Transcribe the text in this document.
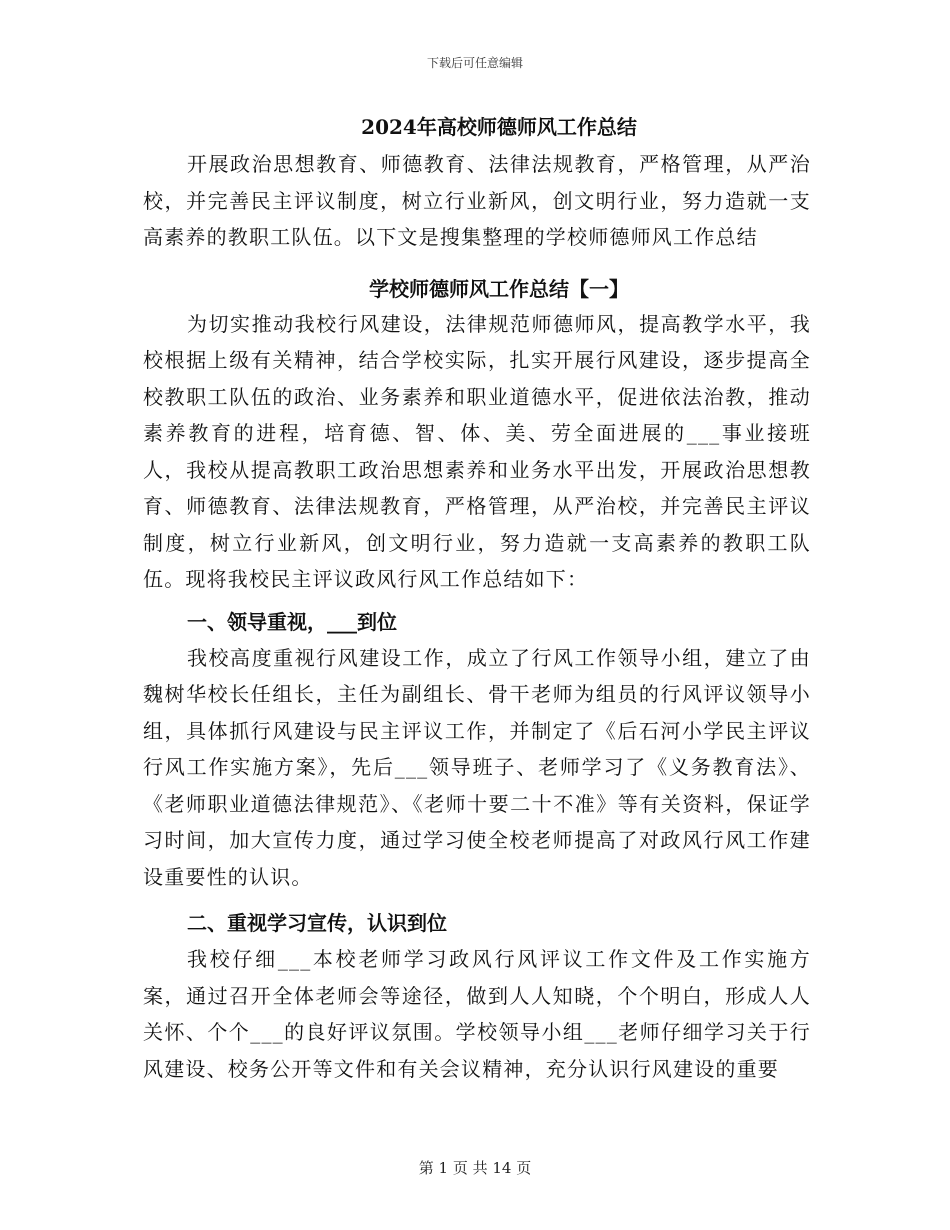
下载后可任意编辑
2024年高校师德师风工作总结

开展政治思想教育、师德教育、法律法规教育，严格管理，从严治校，并完善民主评议制度，树立行业新风，创文明行业，努力造就一支高素养的教职工队伍。以下文是搜集整理的学校师德师风工作总结

学校师德师风工作总结【一】

为切实推动我校行风建设，法律规范师德师风，提高教学水平，我校根据上级有关精神，结合学校实际，扎实开展行风建设，逐步提高全校教职工队伍的政治、业务素养和职业道德水平，促进依法治教，推动素养教育的进程，培育德、智、体、美、劳全面进展的___事业接班人，我校从提高教职工政治思想素养和业务水平出发，开展政治思想教育、师德教育、法律法规教育，严格管理，从严治校，并完善民主评议制度，树立行业新风，创文明行业，努力造就一支高素养的教职工队伍。现将我校民主评议政风行风工作总结如下：

一、领导重视，___到位

我校高度重视行风建设工作，成立了行风工作领导小组，建立了由魏树华校长任组长，主任为副组长、骨干老师为组员的行风评议领导小组，具体抓行风建设与民主评议工作，并制定了《后石河小学民主评议行风工作实施方案》，先后___领导班子、老师学习了《义务教育法》、《老师职业道德法律规范》、《老师十要二十不准》等有关资料，保证学习时间，加大宣传力度，通过学习使全校老师提高了对政风行风工作建设重要性的认识。

二、重视学习宣传，认识到位

我校仔细___本校老师学习政风行风评议工作文件及工作实施方案，通过召开全体老师会等途径，做到人人知晓，个个明白，形成人人关怀、个个___的良好评议氛围。学校领导小组___老师仔细学习关于行风建设、校务公开等文件和有关会议精神，充分认识行风建设的重要

第 1 页 共 14 页
